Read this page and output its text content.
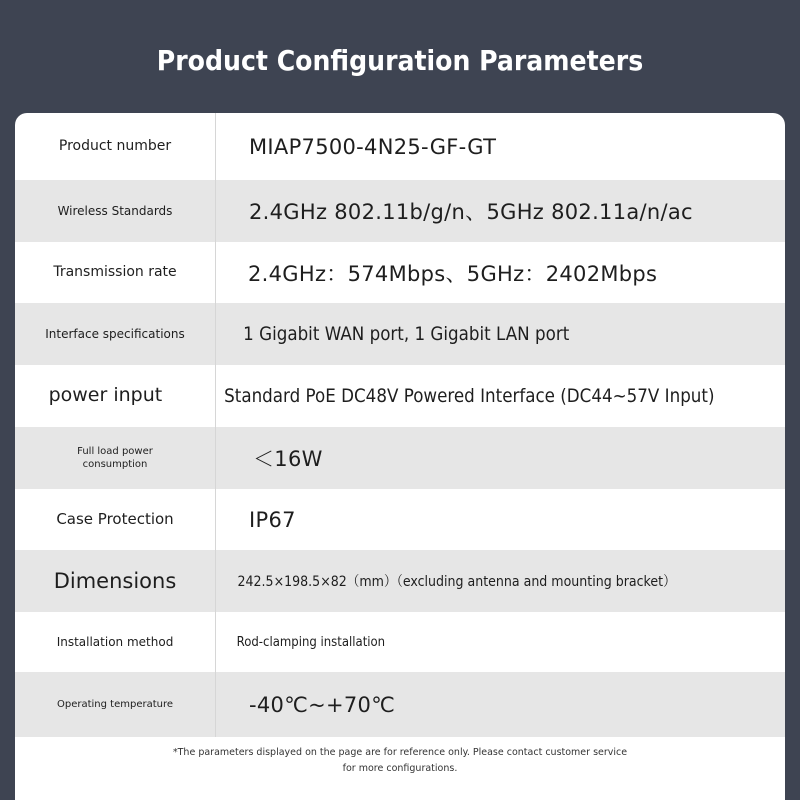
Product Configuration Parameters
Product number	MIAP7500-4N25-GF-GT
Wireless Standards	2.4GHz 802.11b/g/n、5GHz 802.11a/n/ac
Transmission rate	2.4GHz：574Mbps、5GHz：2402Mbps
Interface specifications	1 Gigabit WAN port, 1 Gigabit LAN port
power input	Standard PoE DC48V Powered Interface (DC44~57V Input)
Full load power consumption	＜16W
Case Protection	IP67
Dimensions	242.5×198.5×82（mm）（excluding antenna and mounting bracket）
Installation method	Rod-clamping installation
Operating temperature	-40℃~+70℃
*The parameters displayed on the page are for reference only. Please contact customer service for more configurations.
